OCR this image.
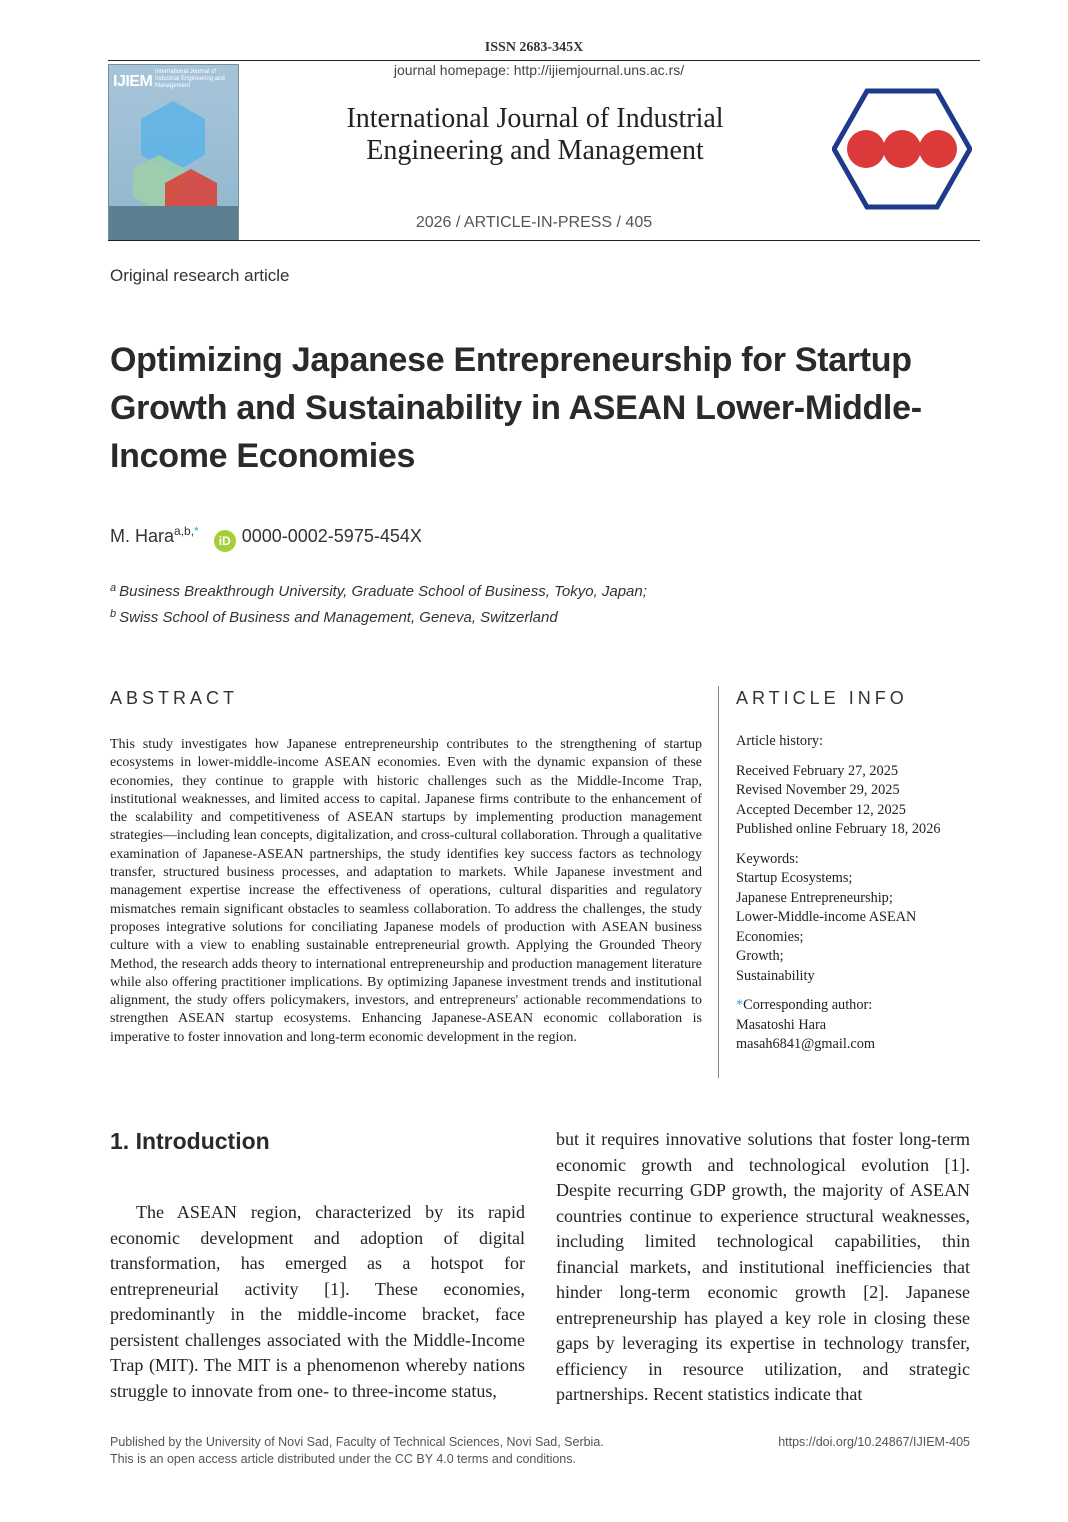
ISSN 2683-345X
journal homepage: http://ijiemjournal.uns.ac.rs/
IJIEM
International Journal of Industrial Engineering and Management
International Journal of Industrial
Engineering and Management
2026 / ARTICLE-IN-PRESS / 405
Original research article
Optimizing Japanese Entrepreneurship for Startup Growth and Sustainability in ASEAN Lower-Middle-Income Economies
M. Hara$^{a,b,*}$ iD 0000-0002-5975-454X
$^a$ Business Breakthrough University, Graduate School of Business, Tokyo, Japan;
$^b$ Swiss School of Business and Management, Geneva, Switzerland
ABSTRACT	ARTICLE INFO

This study investigates how Japanese entrepreneurship contributes to the strengthening of startup ecosystems in lower-middle-income ASEAN economies. Even with the dynamic expansion of these economies, they continue to grapple with historic challenges such as the Middle-Income Trap, institutional weaknesses, and limited access to capital. Japanese firms contribute to the enhancement of the scalability and competitiveness of ASEAN startups by implementing production management strategies—including lean concepts, digitalization, and cross-cultural collaboration. Through a qualitative examination of Japanese-ASEAN partnerships, the study identifies key success factors as technology transfer, structured business processes, and adaptation to markets. While Japanese investment and management expertise increase the effectiveness of operations, cultural disparities and regulatory mismatches remain significant obstacles to seamless collaboration. To address the challenges, the study proposes integrative solutions for conciliating Japanese models of production with ASEAN business culture with a view to enabling sustainable entrepreneurial growth. Applying the Grounded Theory Method, the research adds theory to international entrepreneurship and production management literature while also offering practitioner implications. By optimizing Japanese investment trends and institutional alignment, the study offers policymakers, investors, and entrepreneurs' actionable recommendations to strengthen ASEAN startup ecosystems. Enhancing Japanese-ASEAN economic collaboration is imperative to foster innovation and long-term economic development in the region.

Article history:
Received February 27, 2025
Revised November 29, 2025
Accepted December 12, 2025
Published online February 18, 2026
Keywords:
Startup Ecosystems;
Japanese Entrepreneurship;
Lower-Middle-income ASEAN Economies;
Growth;
Sustainability
*Corresponding author:
Masatoshi Hara
masah6841@gmail.com
1. Introduction

The ASEAN region, characterized by its rapid economic development and adoption of digital transformation, has emerged as a hotspot for entrepreneurial activity [1]. These economies, predominantly in the middle-income bracket, face persistent challenges associated with the Middle-Income Trap (MIT). The MIT is a phenomenon whereby nations struggle to innovate from one- to three-income status,

but it requires innovative solutions that foster long-term economic growth and technological evolution [1]. Despite recurring GDP growth, the majority of ASEAN countries continue to experience structural weaknesses, including limited technological capabilities, thin financial markets, and institutional inefficiencies that hinder long-term economic growth [2]. Japanese entrepreneurship has played a key role in closing these gaps by leveraging its expertise in technology transfer, efficiency in resource utilization, and strategic partnerships. Recent statistics indicate that

Published by the University of Novi Sad, Faculty of Technical Sciences, Novi Sad, Serbia.
This is an open access article distributed under the CC BY 4.0 terms and conditions.
https://doi.org/10.24867/IJIEM-405
